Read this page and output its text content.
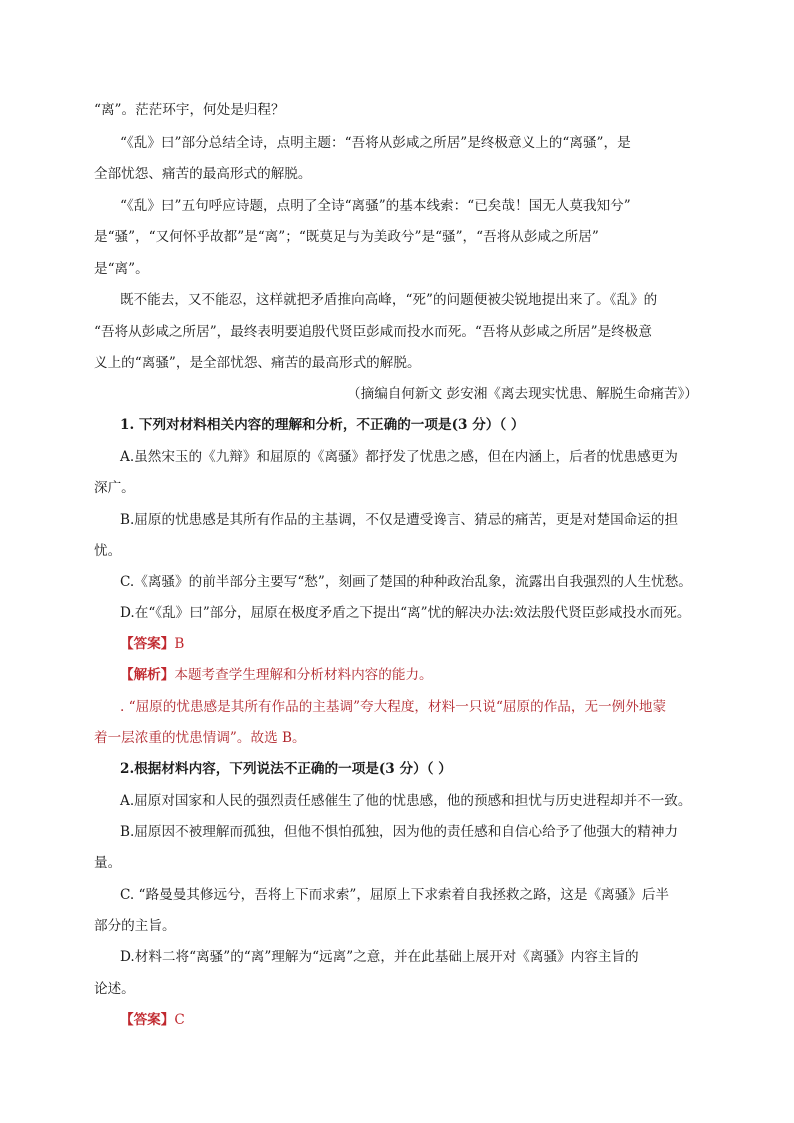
“离”。茫茫环宇，何处是归程？
“《乱》曰”部分总结全诗，点明主题：“吾将从彭咸之所居”是终极意义上的“离骚”，是
全部忧怨、痛苦的最高形式的解脱。
“《乱》曰”五句呼应诗题，点明了全诗“离骚”的基本线索：“已矣哉！国无人莫我知兮”
是“骚”，“又何怀乎故都”是“离”；“既莫足与为美政兮”是“骚”，“吾将从彭咸之所居”
是“离”。
既不能去，又不能忍，这样就把矛盾推向高峰，“死”的问题便被尖锐地提出来了。《乱》的
“吾将从彭咸之所居”，最终表明要追殷代贤臣彭咸而投水而死。“吾将从彭咸之所居”是终极意
义上的“离骚”，是全部忧怨、痛苦的最高形式的解脱。
（摘编自何新文 彭安湘《离去现实忧患、解脱生命痛苦》）
1. 下列对材料相关内容的理解和分析，不正确的一项是(3 分）（ ）
A.虽然宋玉的《九辩》和屈原的《离骚》都抒发了忧患之感，但在内涵上，后者的忧患感更为
深广。
B.屈原的忧患感是其所有作品的主基调，不仅是遭受谗言、猜忌的痛苦，更是对楚国命运的担
忧。
C.《离骚》的前半部分主要写“愁”，刻画了楚国的种种政治乱象，流露出自我强烈的人生忧愁。
D.在“《乱》曰”部分，屈原在极度矛盾之下提出“离”忧的解决办法:效法殷代贤臣彭咸投水而死。
【答案】B
【解析】本题考查学生理解和分析材料内容的能力。
. “屈原的忧患感是其所有作品的主基调”夸大程度，材料一只说“屈原的作品，无一例外地蒙
着一层浓重的忧患情调”。故选 B。
2.根据材料内容，下列说法不正确的一项是(3 分）（ ）
A.屈原对国家和人民的强烈责任感催生了他的忧患感，他的预感和担忧与历史进程却并不一致。
B.屈原因不被理解而孤独，但他不惧怕孤独，因为他的责任感和自信心给予了他强大的精神力
量。
C. “路曼曼其修远兮，吾将上下而求索”，屈原上下求索着自我拯救之路，这是《离骚》后半
部分的主旨。
D.材料二将“离骚”的“离”理解为“远离”之意，并在此基础上展开对《离骚》内容主旨的
论述。
【答案】C
